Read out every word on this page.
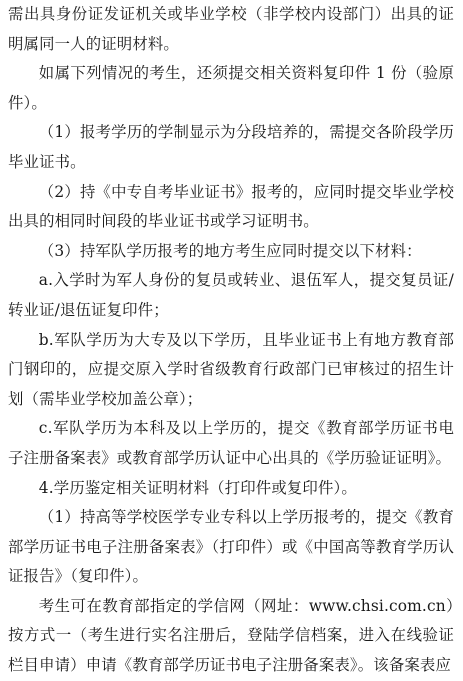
需出具身份证发证机关或毕业学校（非学校内设部门）出具的证明属同一人的证明材料。

如属下列情况的考生，还须提交相关资料复印件 1 份（验原件）。

（1）报考学历的学制显示为分段培养的，需提交各阶段学历毕业证书。

（2）持《中专自考毕业证书》报考的，应同时提交毕业学校出具的相同时间段的毕业证书或学习证明书。

（3）持军队学历报考的地方考生应同时提交以下材料：

a.入学时为军人身份的复员或转业、退伍军人，提交复员证/转业证/退伍证复印件；

b.军队学历为大专及以下学历，且毕业证书上有地方教育部门钢印的，应提交原入学时省级教育行政部门已审核过的招生计划（需毕业学校加盖公章）；

c.军队学历为本科及以上学历的，提交《教育部学历证书电子注册备案表》或教育部学历认证中心出具的《学历验证证明》。

4.学历鉴定相关证明材料（打印件或复印件）。

（1）持高等学校医学专业专科以上学历报考的，提交《教育部学历证书电子注册备案表》（打印件）或《中国高等教育学历认证报告》（复印件）。

考生可在教育部指定的学信网（网址：www.chsi.com.cn）按方式一（考生进行实名注册后，登陆学信档案，进入在线验证栏目申请）申请《教育部学历证书电子注册备案表》。该备案表应
